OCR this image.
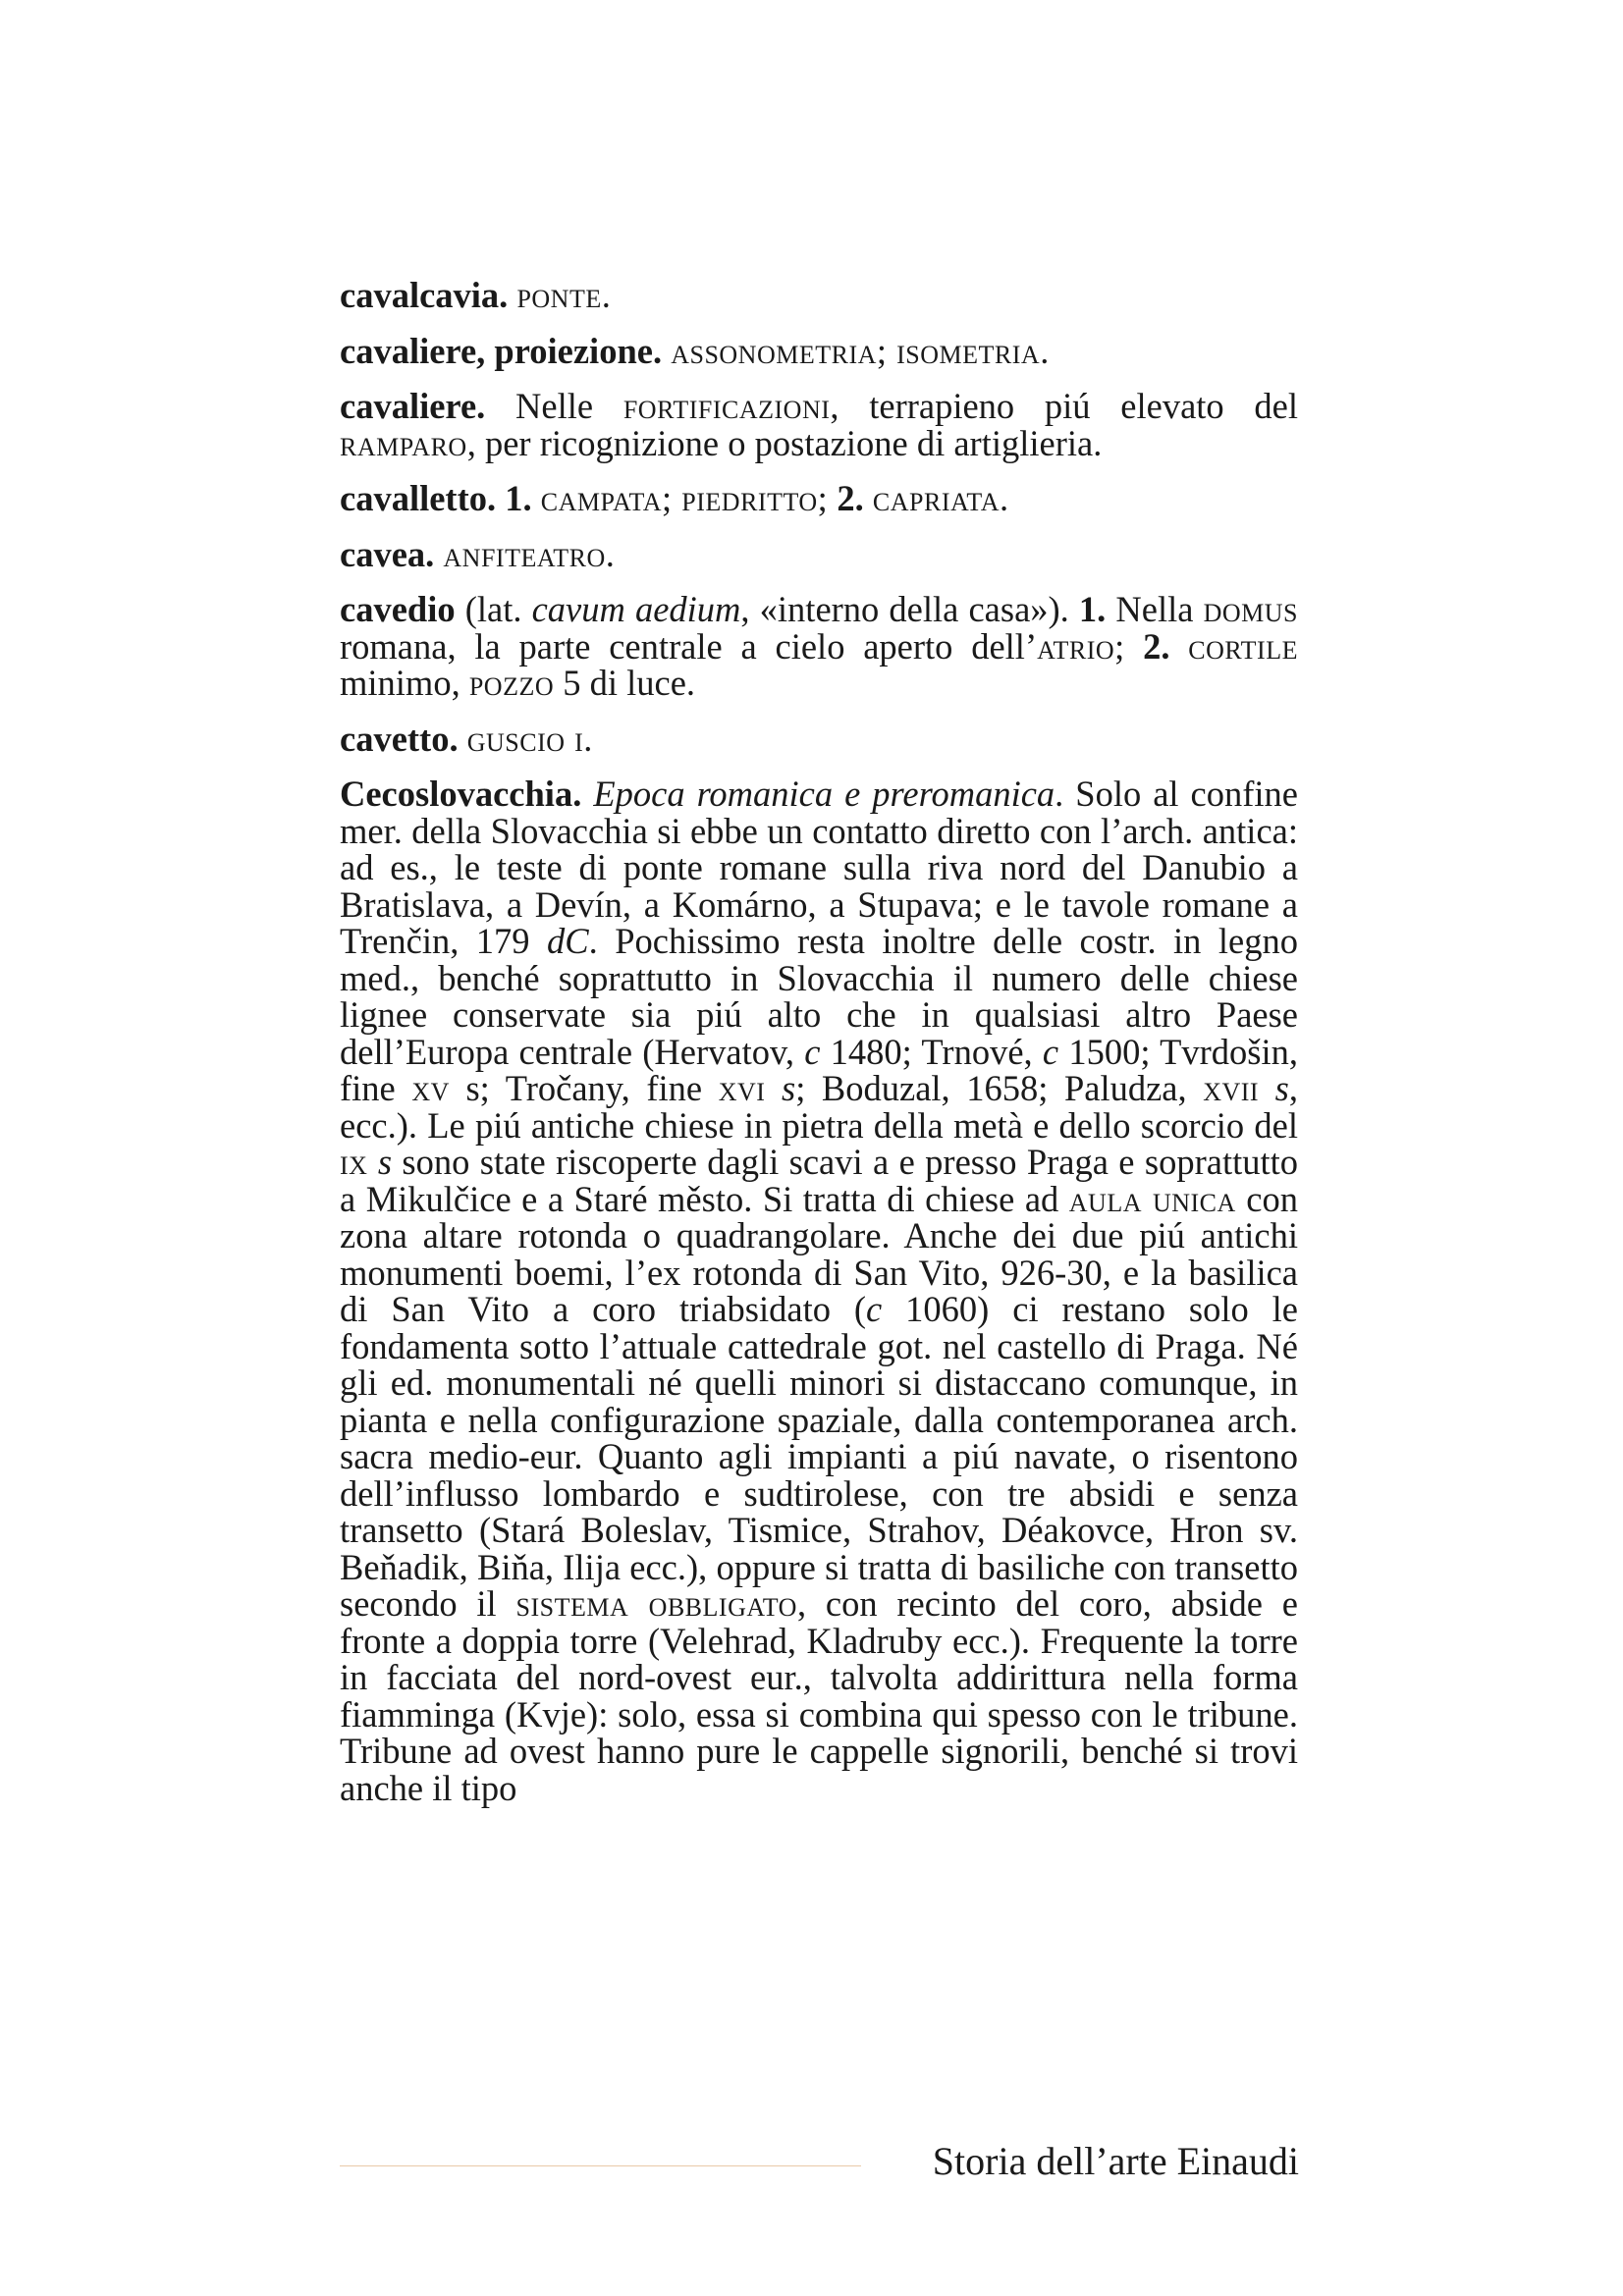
cavalcavia. ponte.

cavaliere, proiezione. assonometria; isometria.

cavaliere. Nelle fortificazioni, terrapieno piú elevato del ramparo, per ricognizione o postazione di artiglieria.

cavalletto. 1. campata; piedritto; 2. capriata.

cavea. anfiteatro.

cavedio (lat. cavum aedium, «interno della casa»). 1. Nella domus romana, la parte centrale a cielo aperto dell’atrio; 2. cortile minimo, pozzo 5 di luce.

cavetto. guscio i.

Cecoslovacchia. Epoca romanica e preromanica. Solo al confine mer. della Slovacchia si ebbe un contatto diretto con l’arch. antica: ad es., le teste di ponte romane sulla riva nord del Danubio a Bratislava, a Devín, a Komárno, a Stupava; e le tavole romane a Trenčin, 179 dC. Pochissimo resta inoltre delle costr. in legno med., benché soprattutto in Slovacchia il numero delle chiese lignee conservate sia piú alto che in qualsiasi altro Paese dell’Europa centrale (Hervatov, c 1480; Trnové, c 1500; Tvrdošin, fine xv s; Tročany, fine xvi s; Boduzal, 1658; Paludza, xvii s, ecc.). Le piú antiche chiese in pietra della metà e dello scorcio del ix s sono state riscoperte dagli scavi a e presso Praga e soprattutto a Mikulčice e a Staré město. Si tratta di chiese ad aula unica con zona altare rotonda o quadrangolare. Anche dei due piú antichi monumenti boemi, l’ex rotonda di San Vito, 926-30, e la basilica di San Vito a coro triabsidato (c 1060) ci restano solo le fondamenta sotto l’attuale cattedrale got. nel castello di Praga. Né gli ed. monumentali né quelli minori si distaccano comunque, in pianta e nella configurazione spaziale, dalla contemporanea arch. sacra medio-eur. Quanto agli impianti a piú navate, o risentono dell’influsso lombardo e sudtirolese, con tre absidi e senza transetto (Stará Boleslav, Tismice, Strahov, Déakovce, Hron sv. Beňadik, Biňa, Ilija ecc.), oppure si tratta di basiliche con transetto secondo il sistema obbligato, con recinto del coro, abside e fronte a doppia torre (Velehrad, Kladruby ecc.). Frequente la torre in facciata del nord-ovest eur., talvolta addirittura nella forma fiamminga (Kvje): solo, essa si combina qui spesso con le tribune. Tribune ad ovest hanno pure le cappelle signorili, benché si trovi anche il tipo

Storia dell’arte Einaudi
